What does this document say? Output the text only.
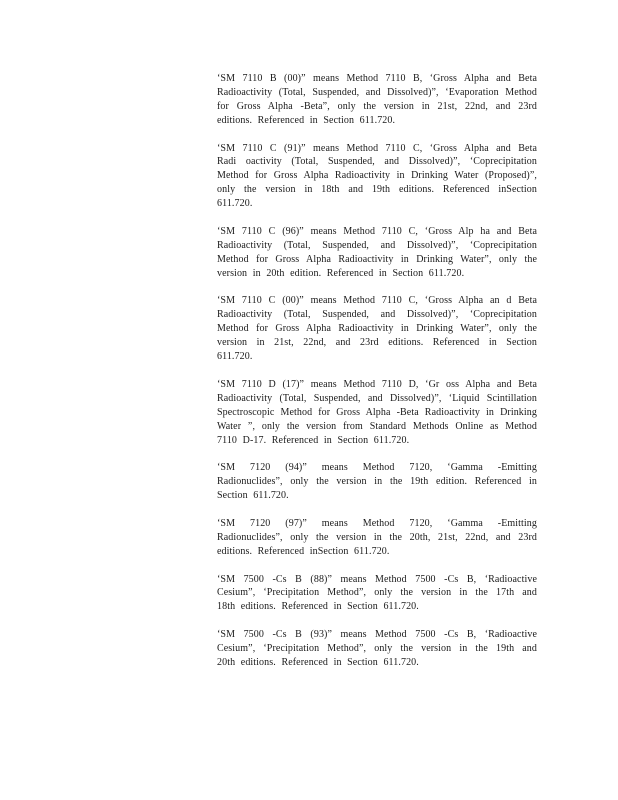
‘SM 7110 B (00)” means Method 7110 B, ‘Gross Alpha and Beta Radioactivity (Total, Suspended, and Dissolved)”, ‘Evaporation Method for Gross Alpha -Beta”, only the version in 21st, 22nd, and 23rd editions. Referenced in Section 611.720.

‘SM 7110 C (91)” means Method 7110 C, ‘Gross Alpha and Beta Radi oactivity (Total, Suspended, and Dissolved)”, ‘Coprecipitation Method for Gross Alpha Radioactivity in Drinking Water (Proposed)”, only the version in 18th and 19th editions. Referenced inSection 611.720.

‘SM 7110 C (96)” means Method 7110 C, ‘Gross Alp ha and Beta Radioactivity (Total, Suspended, and Dissolved)”, ‘Coprecipitation Method for Gross Alpha Radioactivity in Drinking Water”, only the version in 20th edition. Referenced in Section 611.720.

‘SM 7110 C (00)” means Method 7110 C, ‘Gross Alpha an d Beta Radioactivity (Total, Suspended, and Dissolved)”, ‘Coprecipitation Method for Gross Alpha Radioactivity in Drinking Water”, only the version in 21st, 22nd, and 23rd editions. Referenced in Section 611.720.

‘SM 7110 D (17)” means Method 7110 D, ‘Gr oss Alpha and Beta Radioactivity (Total, Suspended, and Dissolved)”, ‘Liquid Scintillation Spectroscopic Method for Gross Alpha -Beta Radioactivity in Drinking Water ”, only the version from Standard Methods Online as Method 7110 D-17. Referenced in Section 611.720.

‘SM 7120 (94)” means Method 7120, ‘Gamma -Emitting Radionuclides”, only the version in the 19th edition. Referenced in Section 611.720.

‘SM 7120 (97)” means Method 7120, ‘Gamma -Emitting Radionuclides”, only the version in the 20th, 21st, 22nd, and 23rd editions. Referenced inSection 611.720.

‘SM 7500 -Cs B (88)” means Method 7500 -Cs B, ‘Radioactive Cesium”, ‘Precipitation Method”, only the version in the 17th and 18th editions. Referenced in Section 611.720.

‘SM 7500 -Cs B (93)” means Method 7500 -Cs B, ‘Radioactive Cesium”, ‘Precipitation Method”, only the version in the 19th and 20th editions. Referenced in Section 611.720.
